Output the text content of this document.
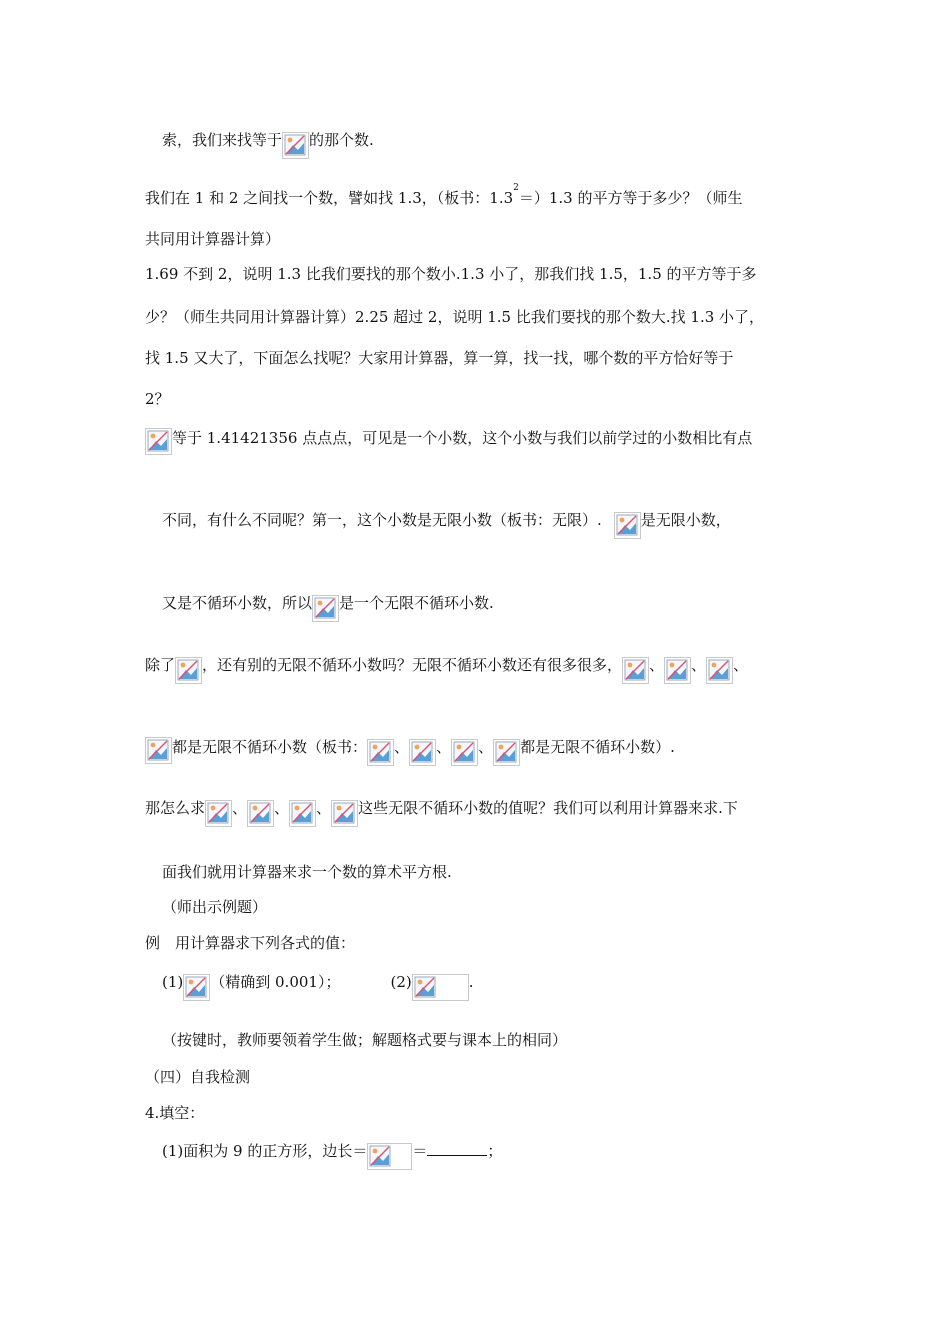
索，我们来找等于 的那个数.
我们在 1 和 2 之间找一个数，譬如找 1.3，（板书：1.3
2
＝）1.3 的平方等于多少？（师生
共同用计算器计算）
1.69 不到 2，说明 1.3 比我们要找的那个数小.1.3 小了，那我们找 1.5，1.5 的平方等于多
少？（师生共同用计算器计算）2.25 超过 2，说明 1.5 比我们要找的那个数大.找 1.3 小了，
找 1.5 又大了，下面怎么找呢？大家用计算器，算一算，找一找，哪个数的平方恰好等于
2？
等于 1.41421356 点点点，可见是一个小数，这个小数与我们以前学过的小数相比有点
不同，有什么不同呢？第一，这个小数是无限小数（板书：无限）.	是无限小数，
又是不循环小数，所以 是一个无限不循环小数.
除了 ，还有别的无限不循环小数吗？无限不循环小数还有很多很多， 、 、 、
都是无限不循环小数（板书： 、 、 、 都是无限不循环小数）.
那怎么求 、 、 、 这些无限不循环小数的值呢？我们可以利用计算器来求.下
面我们就用计算器来求一个数的算术平方根.
（师出示例题）
例　用计算器求下列各式的值：
(1) （精确到 0.001）；	(2)	.
（按键时，教师要领着学生做；解题格式要与课本上的相同）
（四）自我检测
4.填空：
(1)面积为 9 的正方形，边长＝	＝	；
